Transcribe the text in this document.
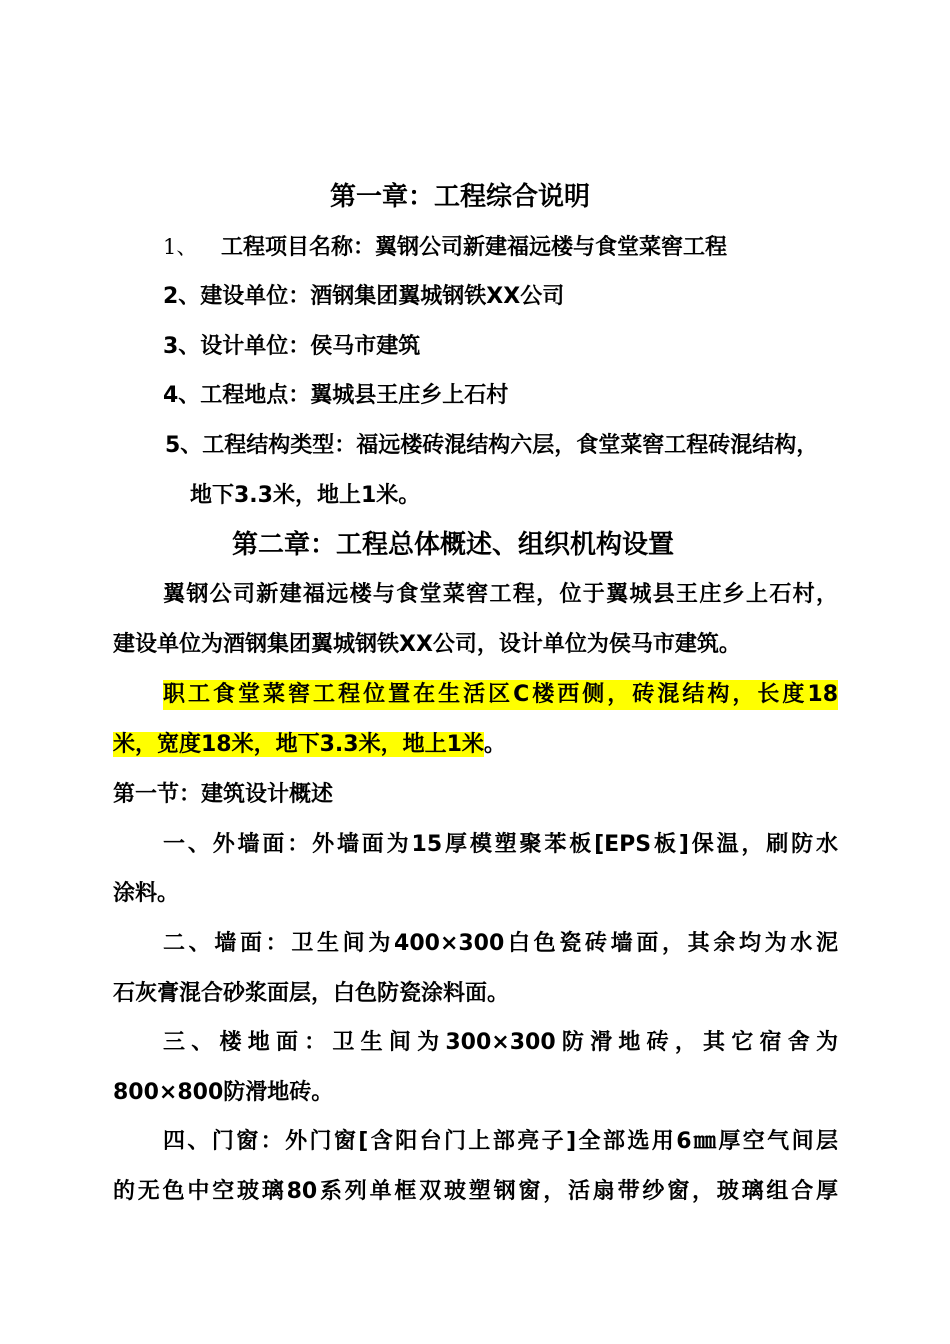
第一章：工程综合说明
1、 工程项目名称：翼钢公司新建福远楼与食堂菜窖工程
2、建设单位：酒钢集团翼城钢铁XX公司
3、设计单位：侯马市建筑
4、工程地点：翼城县王庄乡上石村
5、工程结构类型：福远楼砖混结构六层，食堂菜窖工程砖混结构，
地下3.3米，地上1米。
第二章：工程总体概述、组织机构设置
翼钢公司新建福远楼与食堂菜窖工程，位于翼城县王庄乡上石村，
建设单位为酒钢集团翼城钢铁XX公司，设计单位为侯马市建筑。
职工食堂菜窖工程位置在生活区C楼西侧，砖混结构，长度18
米，宽度18米，地下3.3米，地上1米。
第一节：建筑设计概述
一、外墙面：外墙面为15厚模塑聚苯板[EPS板]保温，刷防水
涂料。
二、墙面：卫生间为400×300白色瓷砖墙面，其余均为水泥
石灰膏混合砂浆面层，白色防瓷涂料面。
三、楼地面：卫生间为300×300防滑地砖，其它宿舍为
800×800防滑地砖。
四、门窗：外门窗[含阳台门上部亮子]全部选用6㎜厚空气间层
的无色中空玻璃80系列单框双玻塑钢窗，活扇带纱窗，玻璃组合厚
